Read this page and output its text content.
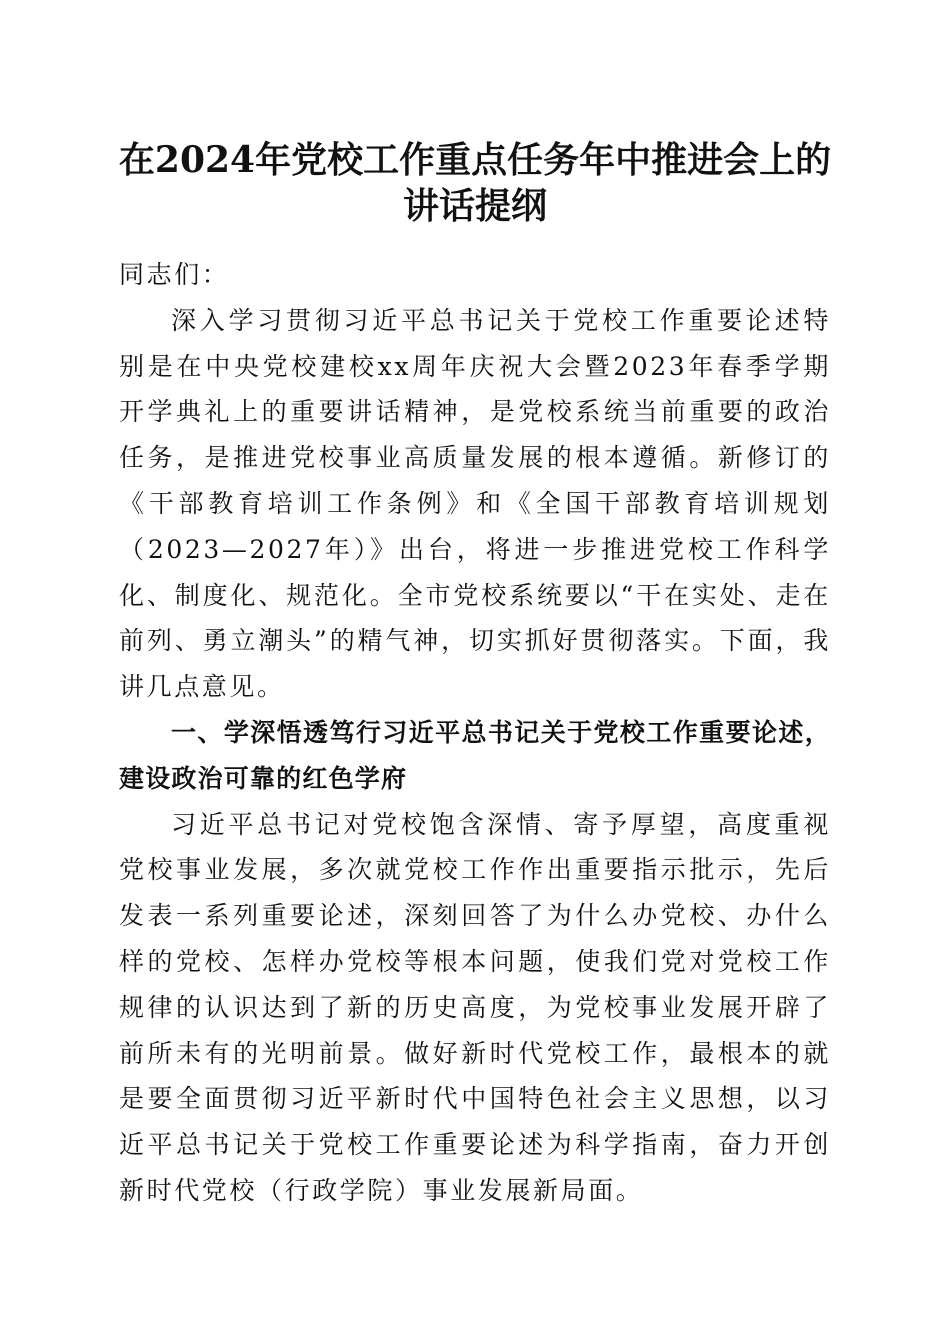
在2024年党校工作重点任务年中推进会上的
讲话提纲

同志们：

深入学习贯彻习近平总书记关于党校工作重要论述特别是在中央党校建校xx周年庆祝大会暨2023年春季学期开学典礼上的重要讲话精神，是党校系统当前重要的政治任务，是推进党校事业高质量发展的根本遵循。新修订的《干部教育培训工作条例》和《全国干部教育培训规划（2023—2027年）》出台，将进一步推进党校工作科学化、制度化、规范化。全市党校系统要以“干在实处、走在前列、勇立潮头”的精气神，切实抓好贯彻落实。下面，我讲几点意见。

一、学深悟透笃行习近平总书记关于党校工作重要论述，建设政治可靠的红色学府

习近平总书记对党校饱含深情、寄予厚望，高度重视党校事业发展，多次就党校工作作出重要指示批示，先后发表一系列重要论述，深刻回答了为什么办党校、办什么样的党校、怎样办党校等根本问题，使我们党对党校工作规律的认识达到了新的历史高度，为党校事业发展开辟了前所未有的光明前景。做好新时代党校工作，最根本的就是要全面贯彻习近平新时代中国特色社会主义思想，以习近平总书记关于党校工作重要论述为科学指南，奋力开创新时代党校（行政学院）事业发展新局面。
